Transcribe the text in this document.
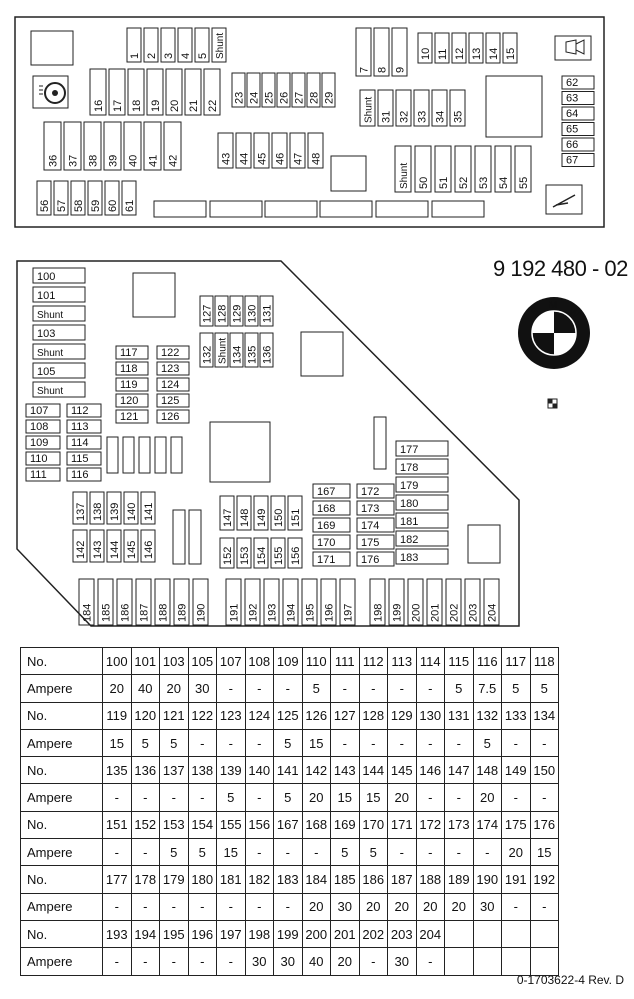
1 2 3 4 5 Shunt
7 8 9
10 11 12 13 14 15
16 17 18 19 20 21 22
23 24 25 26 27 28 29	Shunt 31 32 33 34 35
36 37 38 39 40 41 42	43 44 45 46 47 48
Shunt 50 51 52 53 54 55
56 57 58 59 60 61
62
63
64
65
66
67
100
101
Shunt
103
Shunt
105
Shunt
107 112
108 113
109 114
110 115
111 116
117
118
119
120
121
122
123
124
125
126
127 128 129 130 131
132 Shunt 134 135 136
137 138 139 140 141
142 143 144 145 146
147 148 149 150 151
152 153 154 155 156
167
168
169
170
171
172
173
174
175
176
177
178
179
180
181
182
183
184 185 186 187 188 189 190 191 192 193 194 195 196 197 198 199 200 201 202 203 204
B
M
W
9 192 480 - 02
No.	100	101	103	105	107	108	109	110	111	112	113	114	115	116	117	118
Ampere	20	40	20	30	-	-	-	5	-	-	-	-	5	7.5	5	5
No.	119	120	121	122	123	124	125	126	127	128	129	130	131	132	133	134
Ampere	15	5	5	-	-	-	5	15	-	-	-	-	-	5	-	-
No.	135	136	137	138	139	140	141	142	143	144	145	146	147	148	149	150
Ampere	-	-	-	-	5	-	5	20	15	15	20	-	-	20	-	-
No.	151	152	153	154	155	156	167	168	169	170	171	172	173	174	175	176
Ampere	-	-	5	5	15	-	-	-	5	5	-	-	-	-	20	15
No.	177	178	179	180	181	182	183	184	185	186	187	188	189	190	191	192
Ampere	-	-	-	-	-	-	-	20	30	20	20	20	20	30	-	-
No.	193	194	195	196	197	198	199	200	201	202	203	204				
Ampere	-	-	-	-	-	30	30	40	20	-	30	-				
0-1703622-4 Rev. D
